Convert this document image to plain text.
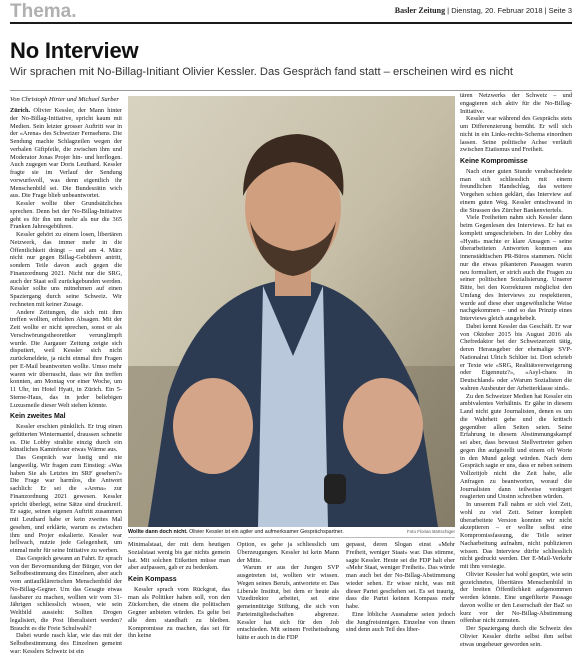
Thema.	Basler Zeitung | Dienstag, 20. Februar 2018 | Seite 3
No Interview
Wir sprachen mit No-Billag-Initiant Olivier Kessler. Das Gespräch fand statt – erscheinen wird es nicht
Von Christoph Hirter und Michael Surber

Zürich. Olivier Kessler, der Mann hinter der No-Billag-Initiative, spricht kaum mit Medien. Sein letzter grosser Auftritt war in der «Arena» des Schweizer Fernsehens. Die Sendung machte Schlagzeilen wegen der verbalen Giftpfeile, die zwischen ihm und Moderator Jonas Projer hin- und herflogen. Auch zugegen war Doris Leuthard. Kessler fragte sie im Verlauf der Sendung vorwurfsvoll, was denn eigentlich ihr Menschenbild sei. Die Bundesrätin wich aus. Die Frage blieb unbeantwortet.

Kessler wollte über Grundsätzliches sprechen. Denn bei der No-Billag-Initiative geht es für ihn um mehr als nur die 365 Franken Jahresgebühren.

Kessler gehört zu einem losen, libertären Netzwerk, das immer mehr in die Öffentlichkeit drängt – und am 4. März nicht nur gegen Billag-Gebühren antritt, sondern Teile davon auch gegen die Finanzordnung 2021. Nicht nur die SRG, auch der Staat soll zurückgebunden werden. Kessler sollte uns mitnehmen auf einen Spaziergang durch seine Schweiz. Wir rechneten mit keiner Zusage.

Andere Zeitungen, die sich mit ihm treffen wollten, erhielten Absagen. Mit der Zeit wollte er nicht sprechen, sonst er als Verschwörungstheoretiker verunglimpft wurde. Die Aargauer Zeitung zeigte sich disputiert, weil Kessler sich nicht zurückmeldete, ja nicht einmal ihre Fragen per E-Mail beantworten wollte. Umso mehr waren wir überrascht, dass wir ihn treffen konnten, am Montag vor einer Woche, um 11 Uhr, im Hotel Hyatt, in Zürich. Ein 5-Sterne-Haus, das in jeder beliebigen Luxusmeile dieser Welt stehen könnte.

Kein zweites Mal

Kessler erschien pünktlich. Er trug einen gefütterten Wintermantel, draussen schneite es. Die Lobby strahlte einzig durch ein künstliches Kaminfeuer etwas Wärme aus.

Das Gespräch war lustig und nie langweilig. Wir fragen zum Einstieg: «Was haben Sie als Letztes im SRF gesehen?» Die Frage war harmlos, die Antwort sachlich: Er sei die «Arena» zur Finanzordnung 2021 gewesen. Kessler spricht überlegt, seine Sätze sind druckreif. Er sagte, seinen eigenen Auftritt zusammen mit Leuthard habe er kein zweites Mal gesehen, und erklärte, warum es zwischen ihm und Projer eskalierte. Kessler war hellwach, nutzte jede Gelegenheit, um einmal mehr für seine Initiative zu werben.

Das Gespräch gewann an Fahrt. Er sprach von der Bevormundung der Bürger, von der Selbstbestimmung des Einzelnen, aber auch vom antiaufklärerischen Menschenbild der No-Billag-Gegner. Um das Gesagte etwas fassbarer zu machen, wollten wir vom 31-Jährigen schliesslich wissen, wie sein Weltbild aussieht: Sollten Drogen legalisiert, die Post liberalisiert werden? Braucht es die Freie Schulwahl?

Dabei wurde rasch klar, wie das mit der Selbstbestimmung des Einzelnen gemeint war: Kesslers Schweiz ist ein

Wollte dann doch nicht. Olivier Kessler ist ein agiler und aufmerksamer Gesprächspartner.	Foto Florian Bärtschiger

Minimalstaat, der mit dem heutigen Sozialstaat wenig bis gar nichts gemein hat. Mit solchen Etiketten müsse man aber aufpassen, gab er zu bedenken.

Kein Kompass

Kessler sprach vom Rückgrat, das man als Politiker haben soll, von den Zückerchen, die einem die politischen Gegner anbieten würden. Es gelte bei alle dem standhaft zu bleiben. Kompromisse zu machen, das sei für ihn keine

Option, es gehe ja schliesslich um Überzeugungen. Kessler ist kein Mann der Mitte.

Warum er aus der Jungen SVP ausgetreten ist, wollten wir wissen. Wegen seines Berufs, antwortete er. Das Liberale Institut, bei dem er heute als Vizedirektor arbeitet, sei eine gemeinnützige Stiftung, die sich von Parteimitgliedschaften abgrenze. Kessler hat sich für den Job entschieden. Mit seinem Freiheitsdrang hätte er auch in die FDP

gepasst, deren Slogan einst «Mehr Freiheit, weniger Staat» war. Das stimme, sagte Kessler. Heute sei die FDP halt eher «Mehr Staat, weniger Freiheit». Das würde man auch bei der No-Billag-Abstimmung wieder sehen. Er wisse nicht, was mit dieser Partei geschehen sei. Es sei traurig, dass die Partei keinen Kompass mehr habe.

Eine löbliche Ausnahme seien jedoch die Jungfreisinnigen. Einzelne von ihnen sind denn auch Teil des liber-

tären Netzwerks der Schweiz – und engagieren sich aktiv für die No-Billag-Initiative.

Kessler war während des Gesprächs stets um Differenzierung bemüht. Er will sich nicht in ein Links-rechts-Schema einordnen lassen. Seine politische Achse verläuft zwischen Etatismus und Freiheit.

Keine Kompromisse

Nach einer guten Stunde verabschiedete man sich schliesslich mit einem freundlichen Handschlag, das weitere Vorgehen schien geklärt, das Interview auf einem guten Weg. Kessler entschwand in die Strassen des Zürcher Bankenviertels.

Viele Freiheiten nahm sich Kessler dann beim Gegenlesen des Interviews. Er hat es komplett umgeschrieben. In der Lobby des «Hyatt» machte er klare Ansagen – seine überarbeiteten Antworten kommen aus innenstädtischen PR-Büros stammen. Nicht nur die etwas pikanteren Passagen waren neu formuliert, er strich auch die Fragen zu seiner politischen Sozialisierung. Unserer Bitte, bei den Korrekturen möglichst den Umfang des Interviews zu respektieren, wurde auf diese eher ungewöhnliche Weise nachgekommen – und so das Prinzip eines Interviews gleich ausgehebelt.

Dabei kennt Kessler das Geschäft. Er war von Oktober 2015 bis August 2016 als Chefredaktor bei der Schweizerzeit tätig, deren Herausgeber der ehemalige SVP-Nationalrat Ulrich Schlüer ist. Dort schrieb er Texte wie «SRG, Realitätsverweigerung oder Eigennutz?», «Asyl-chaos in Deutschland» oder «Warum Sozialisten die wahren Ausbeuter der Arbeiterklasse sind».

Zu den Schweizer Medien hat Kessler ein ambivalentes Verhältnis. Er gähe in diesem Land nicht gute Journalisten, denen es um die Wahrheit gehe und die kritisch gegenüber allen Seiten seien. Seine Erfahrung in diesem Abstimmungskampf sei aber, dass bewusst Stellvertreter gehen gegen ihn aufgestellt und einem oft Worte in den Mund gelegt würden. Nach dem Gespräch sagte er uns, dass er neben seinem Vollzeitjob nicht die Zeit habe, alle Anfragen zu beantworten, worauf die Journalisten dann teilweise verärgert reagierten und Unsinn schreiben würden.

In unserem Fall nahm er sich viel Zeit, wohl zu viel Zeit. Seiner komplett überarbeitete Version konnten wir nicht akzeptieren – er wollte selbst eine Kompromissfassung, die Teile seiner Nacharbeitung aufnahm, nicht publizieren wissen. Das Interview dürfte schliesslich nicht gedruckt werden. Der E-Mail-Verkehr mit ihm versiegte.

Olivier Kessler hat wohl gespürt, wie sein gezeichnetes, liberitäres Menschenbild in der breiten Öffentlichkeit aufgenommen werden könnte. Eine ungefilterte Passage davon wollte er den Leserschaft der BaZ so kurz vor der No-Billag-Abstimmung offenbar nicht zumuten.

Der Spaziergang durch die Schweiz des Olivier Kessler dürfte selbst ihm selbst etwas ungeheuer geworden sein.
